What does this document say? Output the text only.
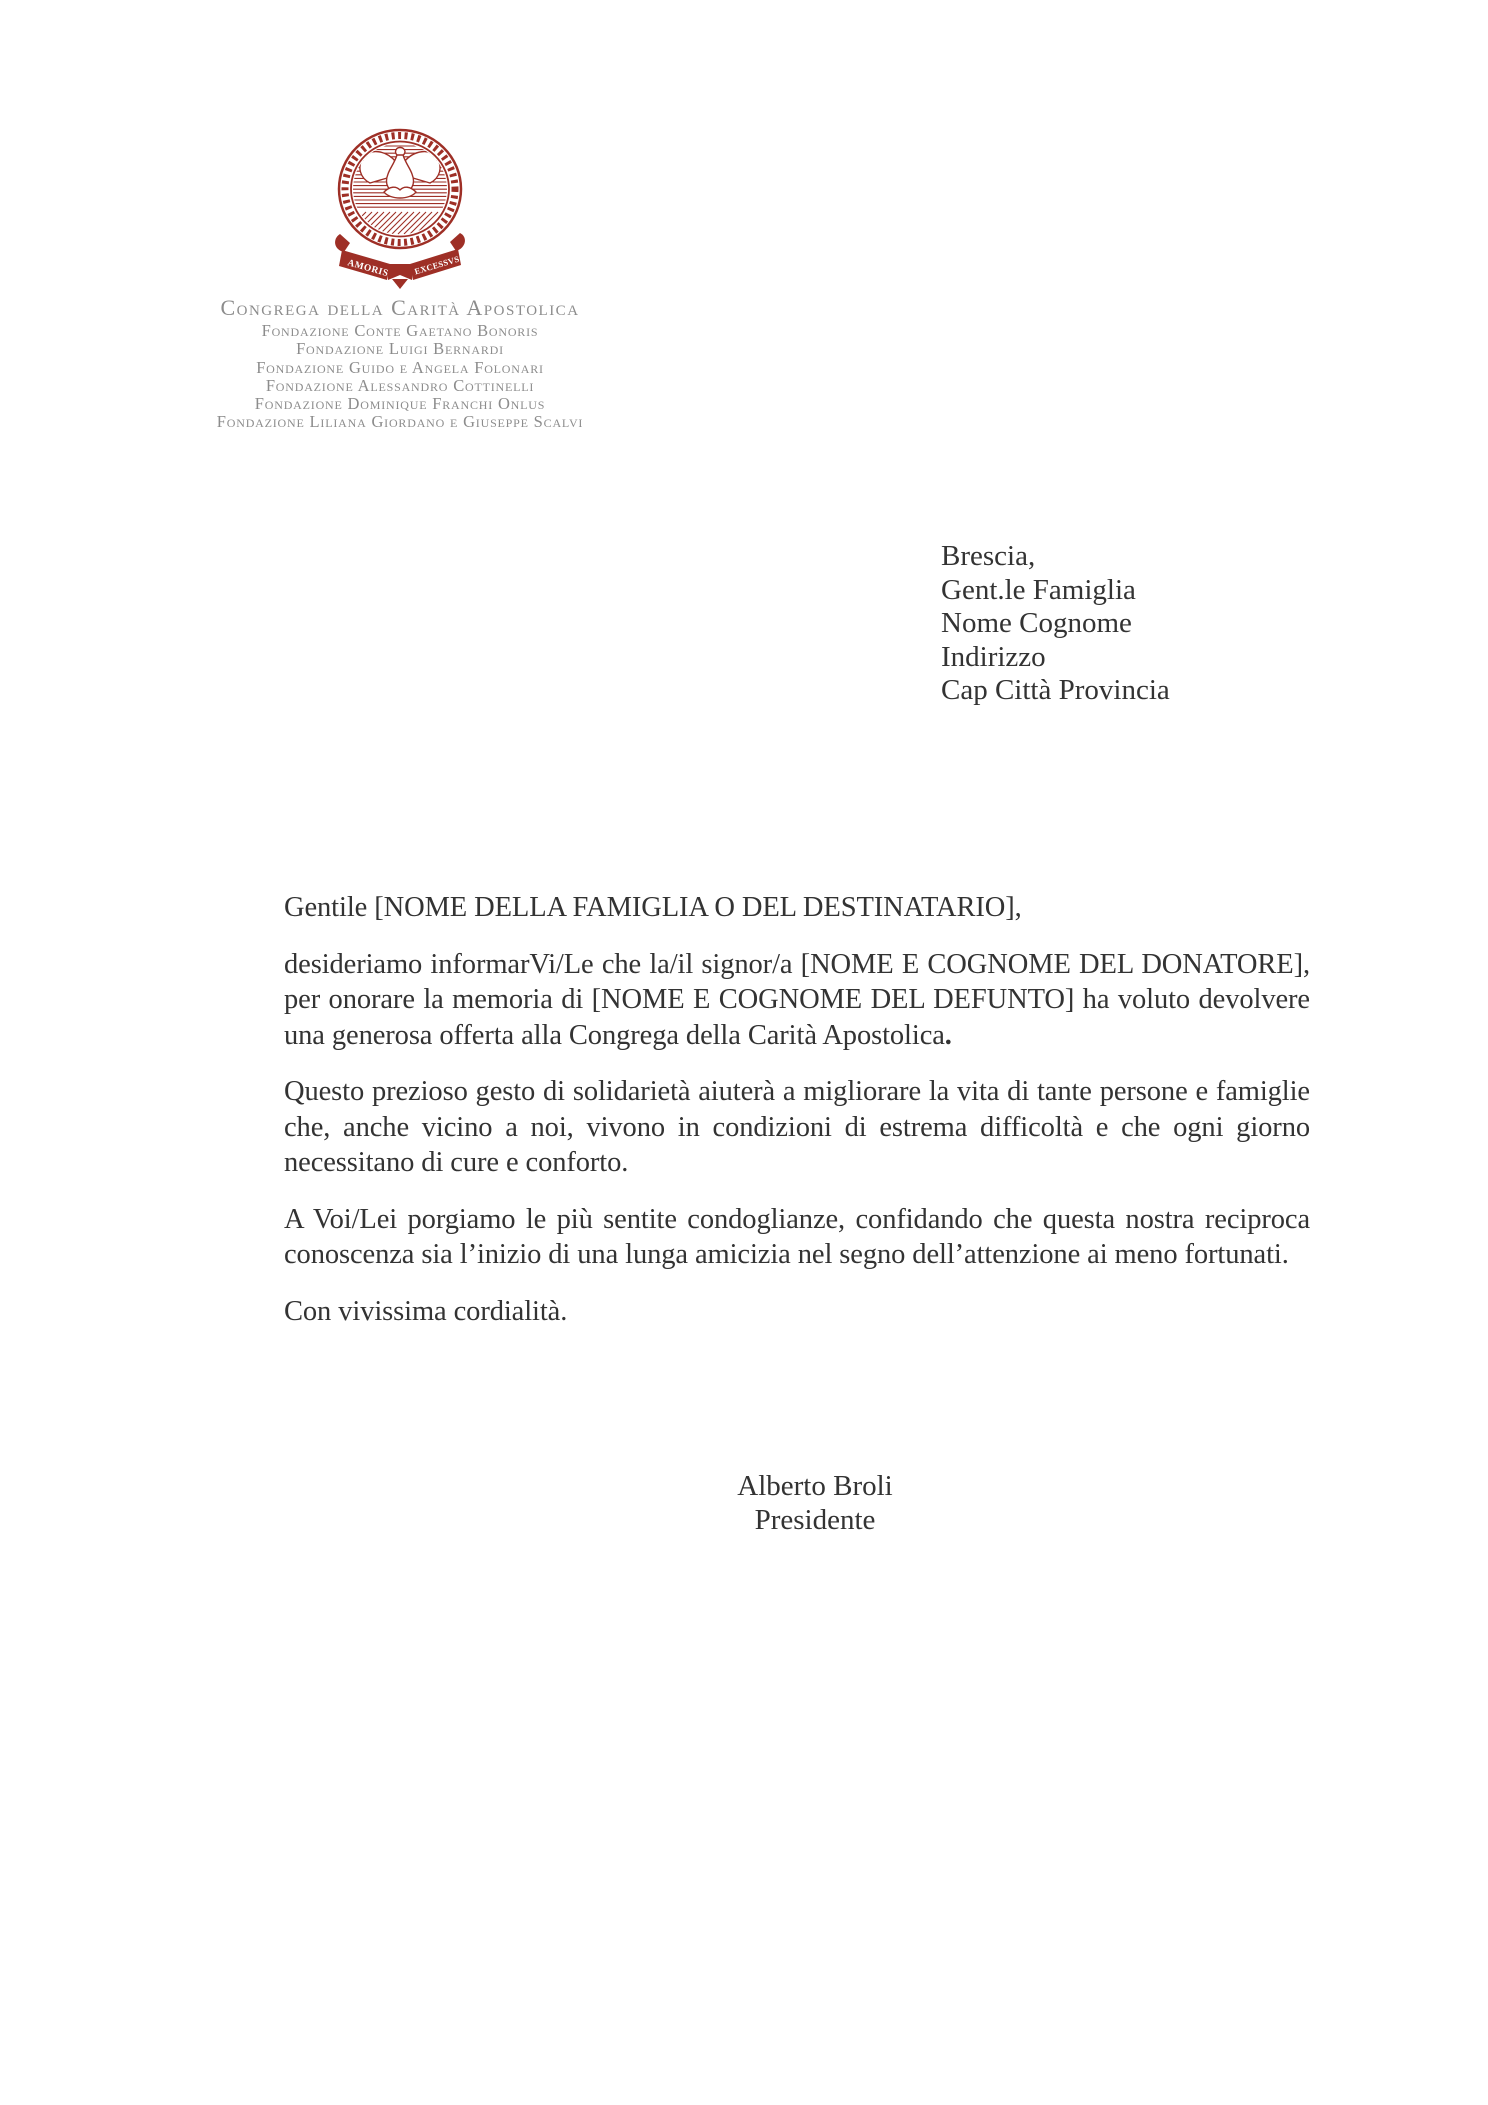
AMORIS	EXCESSVS
Congrega della Carità Apostolica
Fondazione Conte Gaetano Bonoris
Fondazione Luigi Bernardi
Fondazione Guido e Angela Folonari
Fondazione Alessandro Cottinelli
Fondazione Dominique Franchi Onlus
Fondazione Liliana Giordano e Giuseppe Scalvi
Brescia,
Gent.le Famiglia
Nome Cognome
Indirizzo
Cap Città Provincia

Gentile [NOME DELLA FAMIGLIA O DEL DESTINATARIO],

desideriamo informarVi/Le che la/il signor/a [NOME E COGNOME DEL DONATORE], per onorare la memoria di [NOME E COGNOME DEL DEFUNTO] ha voluto devolvere una generosa offerta alla Congrega della Carità Apostolica.

Questo prezioso gesto di solidarietà aiuterà a migliorare la vita di tante persone e famiglie che, anche vicino a noi, vivono in condizioni di estrema difficoltà e che ogni giorno necessitano di cure e conforto.

A Voi/Lei porgiamo le più sentite condoglianze, confidando che questa nostra reciproca conoscenza sia l’inizio di una lunga amicizia nel segno dell’attenzione ai meno fortunati.

Con vivissima cordialità.

Alberto Broli
Presidente
